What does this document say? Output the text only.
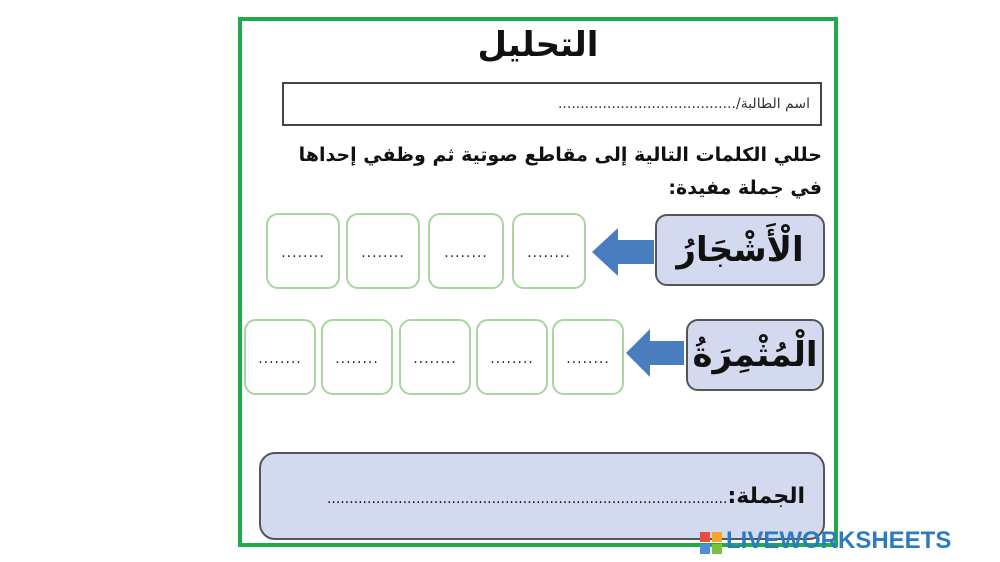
التحليل
اسم الطالبة/........................................
حللي الكلمات التالية إلى مقاطع صوتية ثم وظفي إحداها في جملة مفيدة:
الْأَشْجَارُ
........
........
........
........
الْمُثْمِرَةُ
........
........
........
........
........
الجملة:..........................................................................................
LIVEWORKSHEETS
